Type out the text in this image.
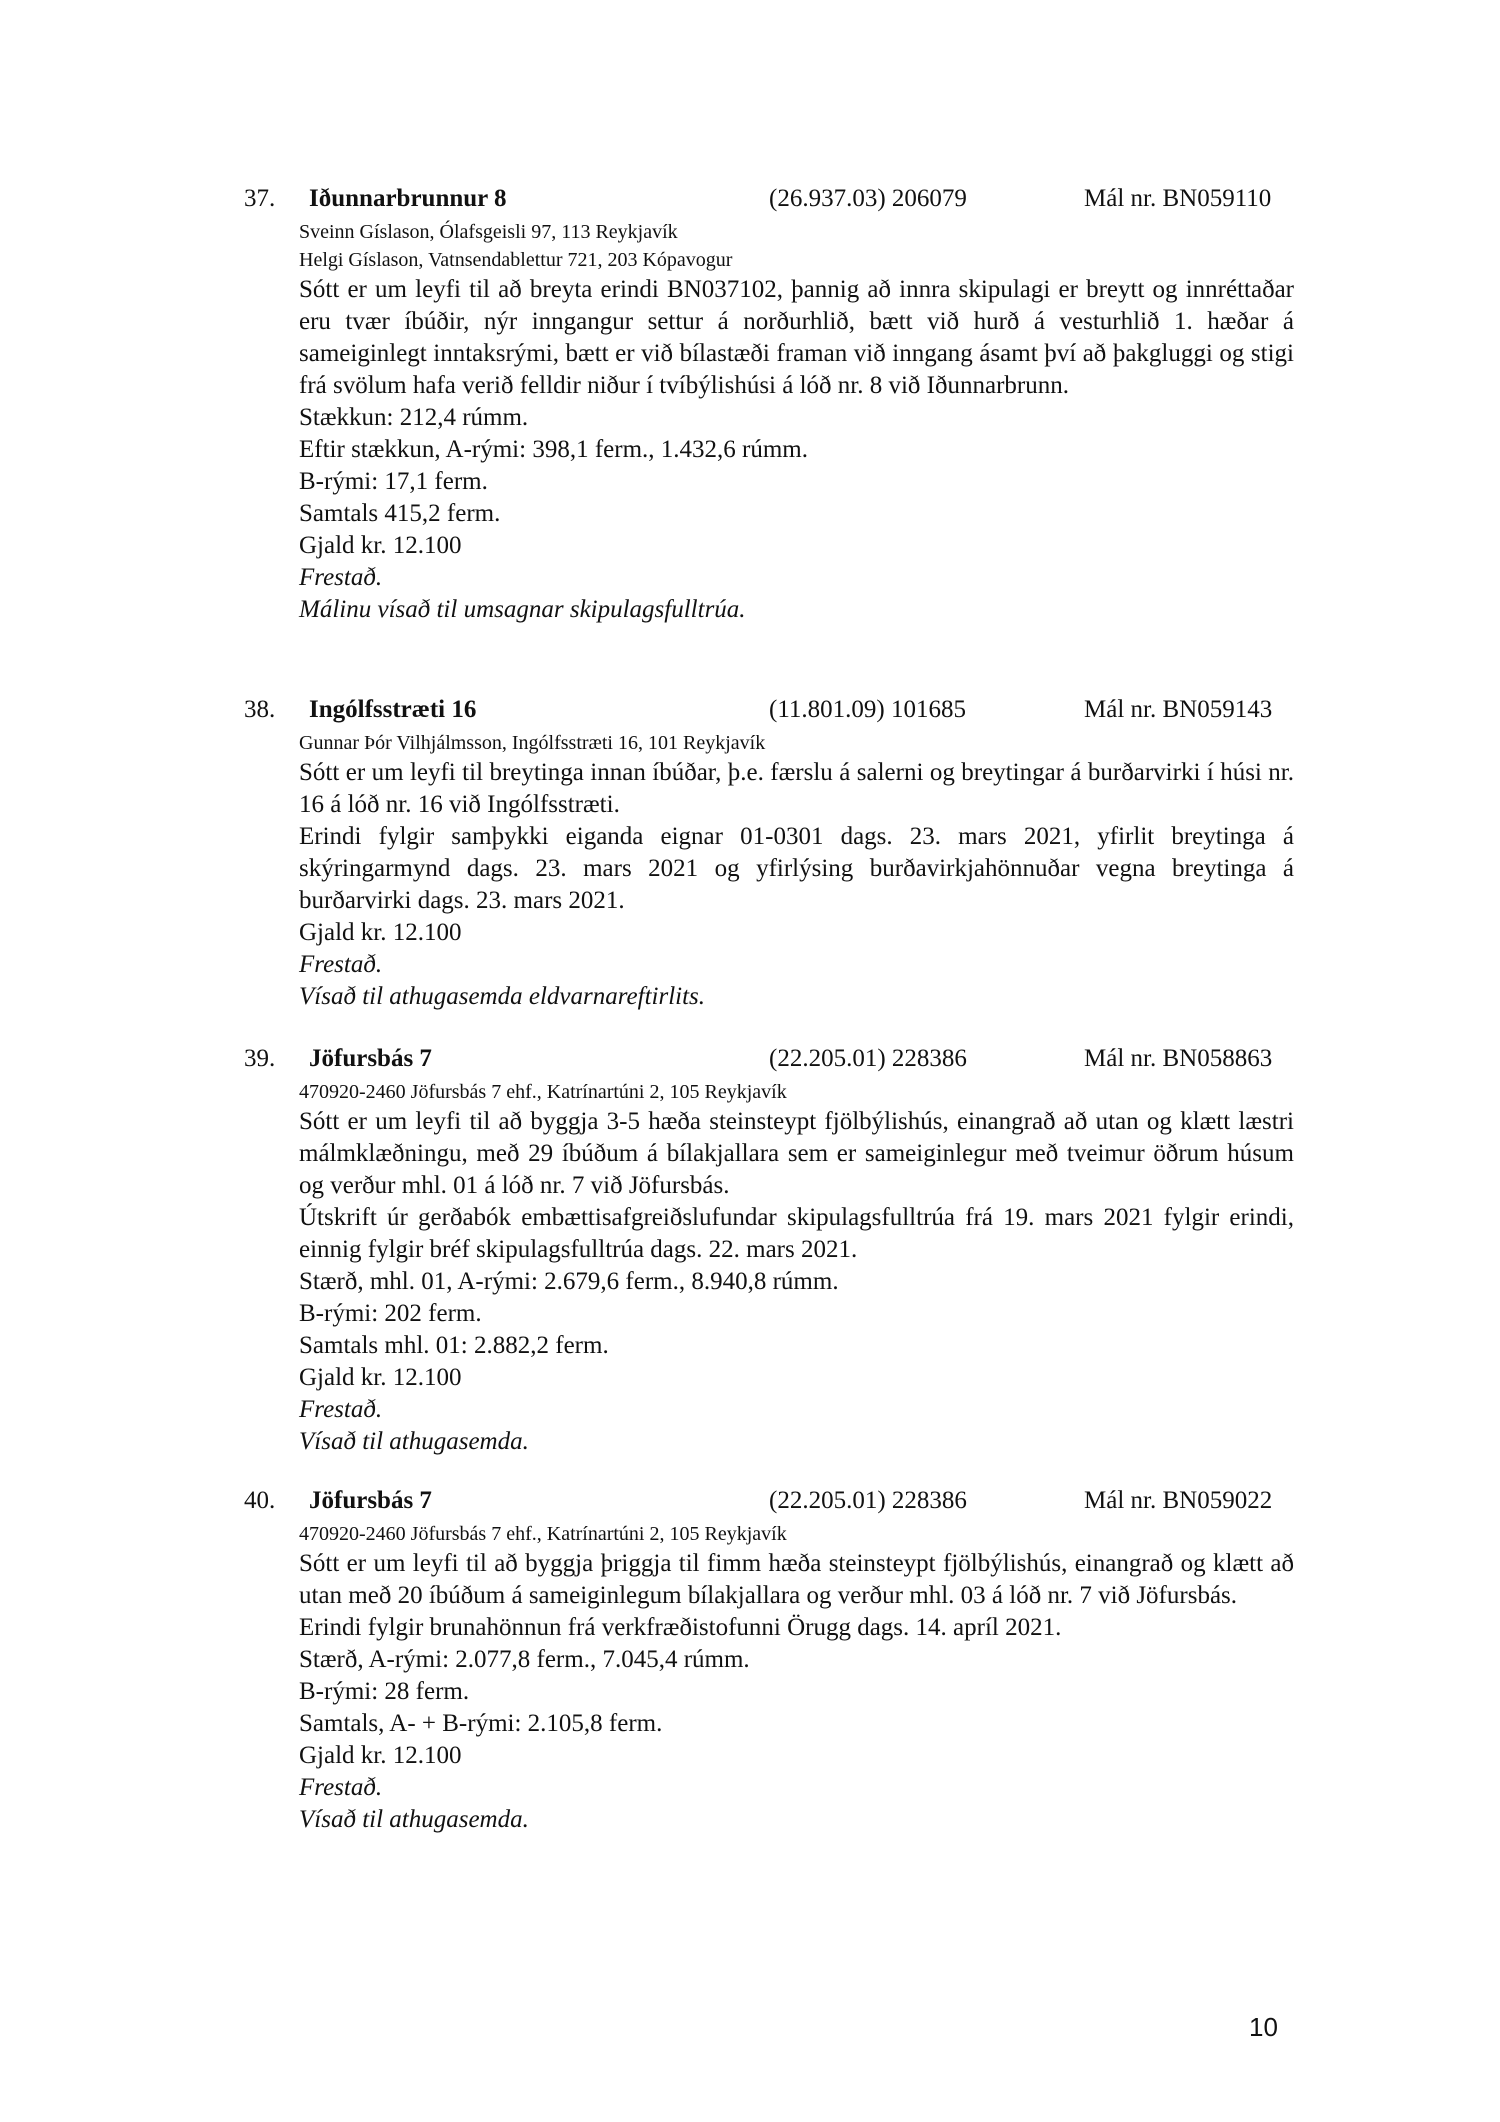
37. Iðunnarbrunnur 8	(26.937.03) 206079	Mál nr. BN059110
Sveinn Gíslason, Ólafsgeisli 97, 113 Reykjavík
Helgi Gíslason, Vatnsendablettur 721, 203 Kópavogur
Sótt er um leyfi til að breyta erindi BN037102, þannig að innra skipulagi er breytt og innréttaðar eru tvær íbúðir, nýr inngangur settur á norðurhlið, bætt við hurð á vesturhlið 1. hæðar á sameiginlegt inntaksrými, bætt er við bílastæði framan við inngang ásamt því að þakgluggi og stigi frá svölum hafa verið felldir niður í tvíbýlishúsi á lóð nr. 8 við Iðunnarbrunn.
Stækkun: 212,4 rúmm.
Eftir stækkun, A-rými: 398,1 ferm., 1.432,6 rúmm.
B-rými: 17,1 ferm.
Samtals 415,2 ferm.
Gjald kr. 12.100
Frestað.
Málinu vísað til umsagnar skipulagsfulltrúa.
38. Ingólfsstræti 16	(11.801.09) 101685	Mál nr. BN059143
Gunnar Þór Vilhjálmsson, Ingólfsstræti 16, 101 Reykjavík
Sótt er um leyfi til breytinga innan íbúðar, þ.e. færslu á salerni og breytingar á burðarvirki í húsi nr. 16 á lóð nr. 16 við Ingólfsstræti.
Erindi fylgir samþykki eiganda eignar 01-0301 dags. 23. mars 2021, yfirlit breytinga á skýringarmynd dags. 23. mars 2021 og yfirlýsing burðavirkjahönnuðar vegna breytinga á burðarvirki dags. 23. mars 2021.
Gjald kr. 12.100
Frestað.
Vísað til athugasemda eldvarnareftirlits.
39. Jöfursbás 7	(22.205.01) 228386	Mál nr. BN058863
470920-2460 Jöfursbás 7 ehf., Katrínartúni 2, 105 Reykjavík
Sótt er um leyfi til að byggja 3-5 hæða steinsteypt fjölbýlishús, einangrað að utan og klætt læstri málmklæðningu, með 29 íbúðum á bílakjallara sem er sameiginlegur með tveimur öðrum húsum og verður mhl. 01 á lóð nr. 7 við Jöfursbás.
Útskrift úr gerðabók embættisafgreiðslufundar skipulagsfulltrúa frá 19. mars 2021 fylgir erindi, einnig fylgir bréf skipulagsfulltrúa dags. 22. mars 2021.
Stærð, mhl. 01, A-rými: 2.679,6 ferm., 8.940,8 rúmm.
B-rými: 202 ferm.
Samtals mhl. 01: 2.882,2 ferm.
Gjald kr. 12.100
Frestað.
Vísað til athugasemda.
40. Jöfursbás 7	(22.205.01) 228386	Mál nr. BN059022
470920-2460 Jöfursbás 7 ehf., Katrínartúni 2, 105 Reykjavík
Sótt er um leyfi til að byggja þriggja til fimm hæða steinsteypt fjölbýlishús, einangrað og klætt að utan með 20 íbúðum á sameiginlegum bílakjallara og verður mhl. 03 á lóð nr. 7 við Jöfursbás.
Erindi fylgir brunahönnun frá verkfræðistofunni Örugg dags. 14. apríl 2021.
Stærð, A-rými: 2.077,8 ferm., 7.045,4 rúmm.
B-rými: 28 ferm.
Samtals, A- + B-rými: 2.105,8 ferm.
Gjald kr. 12.100
Frestað.
Vísað til athugasemda.
10
